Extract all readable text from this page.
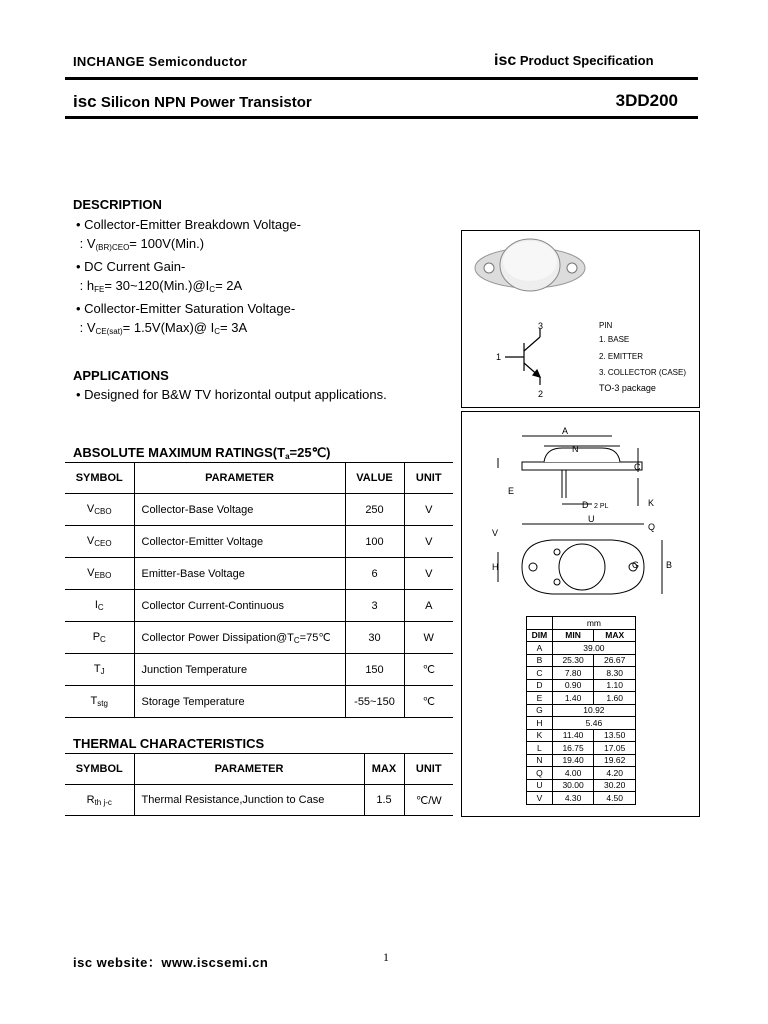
INCHANGE Semiconductor	isc Product Specification
isc Silicon NPN Power Transistor	3DD200
DESCRIPTION
• Collector-Emitter Breakdown Voltage-
: $V_{(BR)CEO}= 100V(Min.)$
• DC Current Gain-
: $h_{FE}=$ $30\sim 120(Min.)@I_C= 2A$
• Collector-Emitter Saturation Voltage-
: $V_{CE(sat)}=$ 1.5V(Max)@ $I_C= 3A$
APPLICATIONS
• Designed for B&W TV horizontal output applications.
ABSOLUTE MAXIMUM $RATINGS(T_a=25℃)$
SYMBOL	PARAMETER	VALUE	UNIT
$V_{CBO}$	Collector-Base Voltage	250	V
$V_{CEO}$	Collector-Emitter Voltage	100	V
$V_{EBO}$	Emitter-Base Voltage	6	V
$I_C$	Collector Current-Continuous	3	A
$P_C$	Collector Power $Dissipation@T_C=75℃$	30	W
$T_J$	Junction Temperature	150	℃
$T_{stg}$	Storage Temperature	-55~150	℃
THERMAL CHARACTERISTICS
SYMBOL	PARAMETER	MAX	UNIT
$R_{th j-c}$	Thermal Resistance,Junction to Case	1.5	℃/W
3
1
2
PIN
1. BASE
2. EMITTER
3. COLLECTOR (CASE)
TO-3 package
A
N
C
E
K
D 2 PL
U
V
H	G	B
Q
	mm	
DIM	MIN	MAX
A	39.00	
B	25.30	26.67
C	7.80	8.30
D	0.90	1.10
E	1.40	1.60
G	10.92	
H	5.46	
K	11.40	13.50
L	16.75	17.05
N	19.40	19.62
Q	4.00	4.20
U	30.00	30.20
V	4.30	4.50
isc website：www.iscsemi.cn	1
